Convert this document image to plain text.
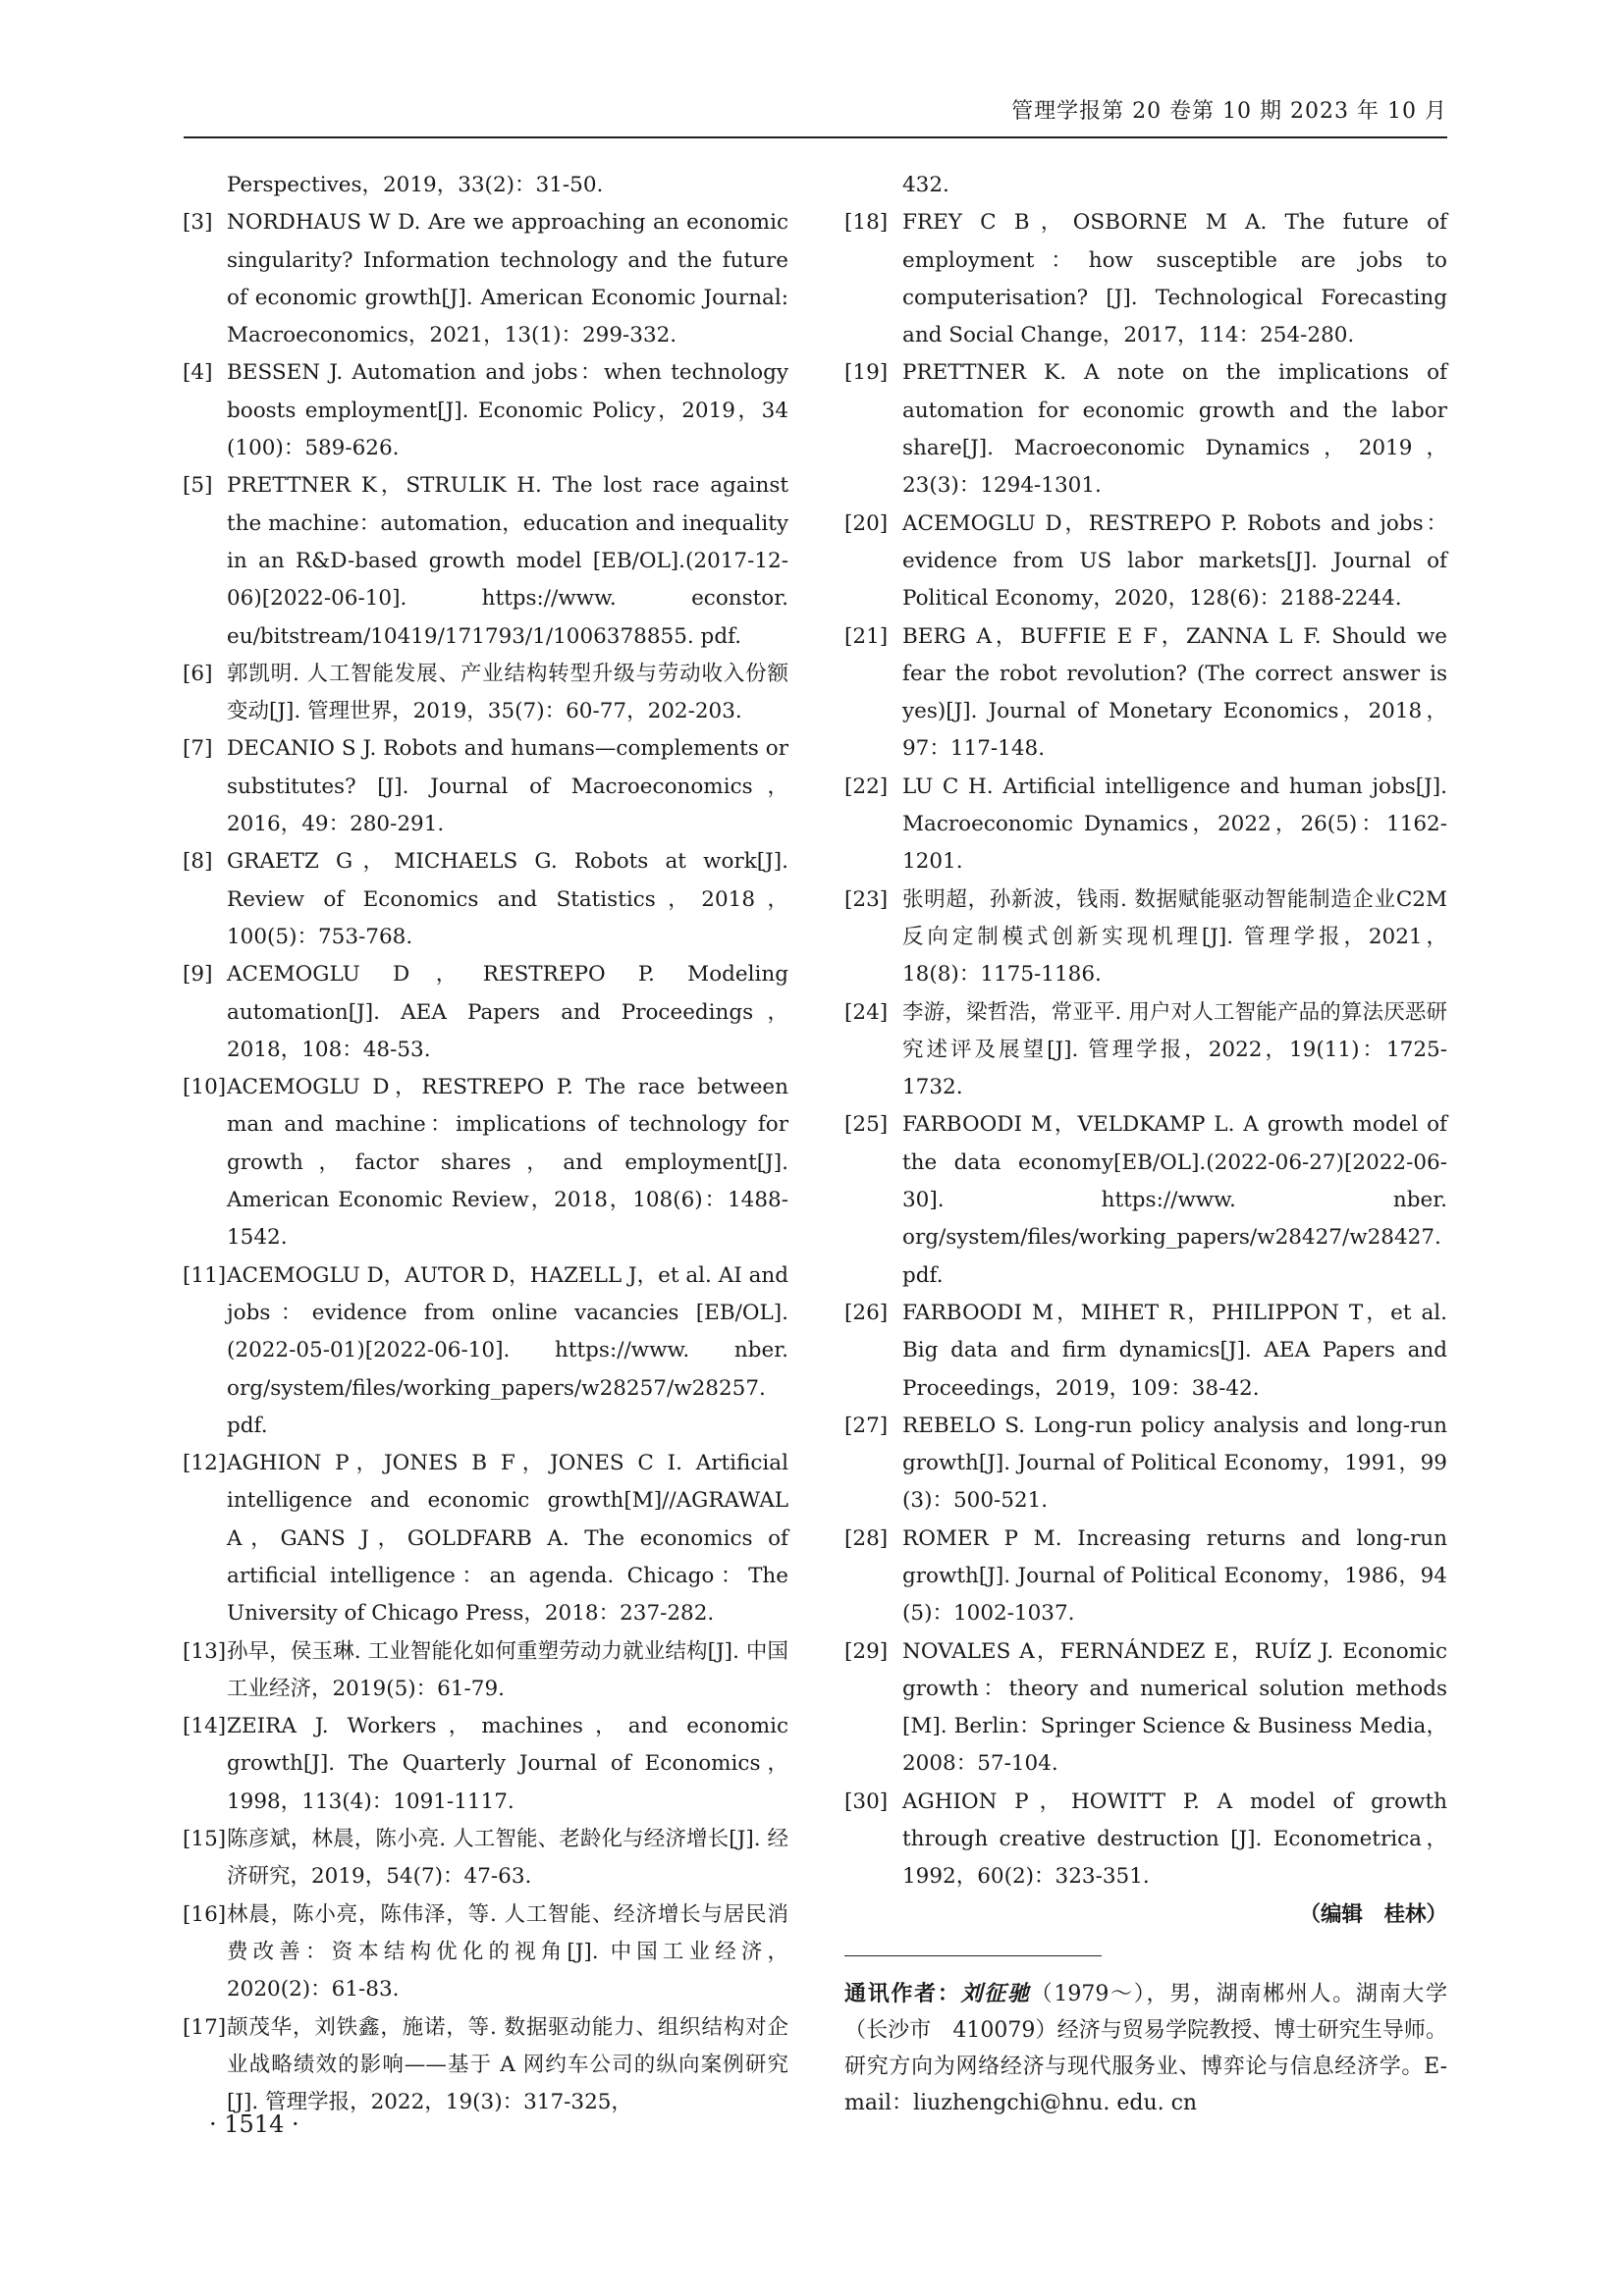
管理学报第 20 卷第 10 期 2023 年 10 月

Perspectives，2019，33(2)：31-50.

[3] NORDHAUS W D. Are we approaching an economic singularity? Information technology and the future of economic growth[J]. American Economic Journal: Macroeconomics，2021，13(1)：299-332.

[4] BESSEN J. Automation and jobs：when technology boosts employment[J]. Economic Policy，2019，34 (100)：589-626.

[5] PRETTNER K，STRULIK H. The lost race against the machine：automation，education and inequality in an R&D-based growth model [EB/OL].(2017-12-06)[2022-06-10]. https://www. econstor. eu/bitstream/10419/171793/1/1006378855. pdf.

[6] 郭凯明. 人工智能发展、产业结构转型升级与劳动收入份额变动[J]. 管理世界，2019，35(7)：60-77，202-203.

[7] DECANIO S J. Robots and humans—complements or substitutes? [J]. Journal of Macroeconomics，2016，49：280-291.

[8] GRAETZ G，MICHAELS G. Robots at work[J]. Review of Economics and Statistics，2018，100(5)：753-768.

[9] ACEMOGLU D，RESTREPO P. Modeling automation[J]. AEA Papers and Proceedings，2018，108：48-53.

[10] ACEMOGLU D，RESTREPO P. The race between man and machine：implications of technology for growth，factor shares，and employment[J]. American Economic Review，2018，108(6)：1488-1542.

[11] ACEMOGLU D，AUTOR D，HAZELL J，et al. AI and jobs：evidence from online vacancies [EB/OL].(2022-05-01)[2022-06-10]. https://www. nber. org/system/files/working_papers/w28257/w28257. pdf.

[12] AGHION P，JONES B F，JONES C I. Artificial intelligence and economic growth[M]//AGRAWAL A，GANS J，GOLDFARB A. The economics of artificial intelligence：an agenda. Chicago：The University of Chicago Press，2018：237-282.

[13] 孙早，侯玉琳. 工业智能化如何重塑劳动力就业结构[J]. 中国工业经济，2019(5)：61-79.

[14] ZEIRA J. Workers，machines，and economic growth[J]. The Quarterly Journal of Economics，1998，113(4)：1091-1117.

[15] 陈彦斌，林晨，陈小亮. 人工智能、老龄化与经济增长[J]. 经济研究，2019，54(7)：47-63.

[16] 林晨，陈小亮，陈伟泽，等. 人工智能、经济增长与居民消费改善：资本结构优化的视角[J]. 中国工业经济，2020(2)：61-83.

[17] 颉茂华，刘铁鑫，施诺，等. 数据驱动能力、组织结构对企业战略绩效的影响——基于 A 网约车公司的纵向案例研究[J]. 管理学报，2022，19(3)：317-325，

432.

[18] FREY C B，OSBORNE M A. The future of employment：how susceptible are jobs to computerisation? [J]. Technological Forecasting and Social Change，2017，114：254-280.

[19] PRETTNER K. A note on the implications of automation for economic growth and the labor share[J]. Macroeconomic Dynamics，2019，23(3)：1294-1301.

[20] ACEMOGLU D，RESTREPO P. Robots and jobs：evidence from US labor markets[J]. Journal of Political Economy，2020，128(6)：2188-2244.

[21] BERG A，BUFFIE E F，ZANNA L F. Should we fear the robot revolution? (The correct answer is yes)[J]. Journal of Monetary Economics，2018，97：117-148.

[22] LU C H. Artificial intelligence and human jobs[J]. Macroeconomic Dynamics，2022，26(5)：1162-1201.

[23] 张明超，孙新波，钱雨. 数据赋能驱动智能制造企业C2M反向定制模式创新实现机理[J]. 管理学报，2021，18(8)：1175-1186.

[24] 李游，梁哲浩，常亚平. 用户对人工智能产品的算法厌恶研究述评及展望[J]. 管理学报，2022，19(11)：1725-1732.

[25] FARBOODI M，VELDKAMP L. A growth model of the data economy[EB/OL].(2022-06-27)[2022-06-30]. https://www. nber. org/system/files/working_papers/w28427/w28427. pdf.

[26] FARBOODI M，MIHET R，PHILIPPON T，et al. Big data and firm dynamics[J]. AEA Papers and Proceedings，2019，109：38-42.

[27] REBELO S. Long-run policy analysis and long-run growth[J]. Journal of Political Economy，1991，99 (3)：500-521.

[28] ROMER P M. Increasing returns and long-run growth[J]. Journal of Political Economy，1986，94 (5)：1002-1037.

[29] NOVALES A，FERNÁNDEZ E，RUÍZ J. Economic growth：theory and numerical solution methods [M]. Berlin：Springer Science & Business Media，2008：57-104.

[30] AGHION P，HOWITT P. A model of growth through creative destruction [J]. Econometrica，1992，60(2)：323-351.

（编辑　桂林）

通讯作者：刘征驰（1979～），男，湖南郴州人。湖南大学（长沙市　410079）经济与贸易学院教授、博士研究生导师。研究方向为网络经济与现代服务业、博弈论与信息经济学。E-mail：liuzhengchi@hnu. edu. cn

· 1514 ·
